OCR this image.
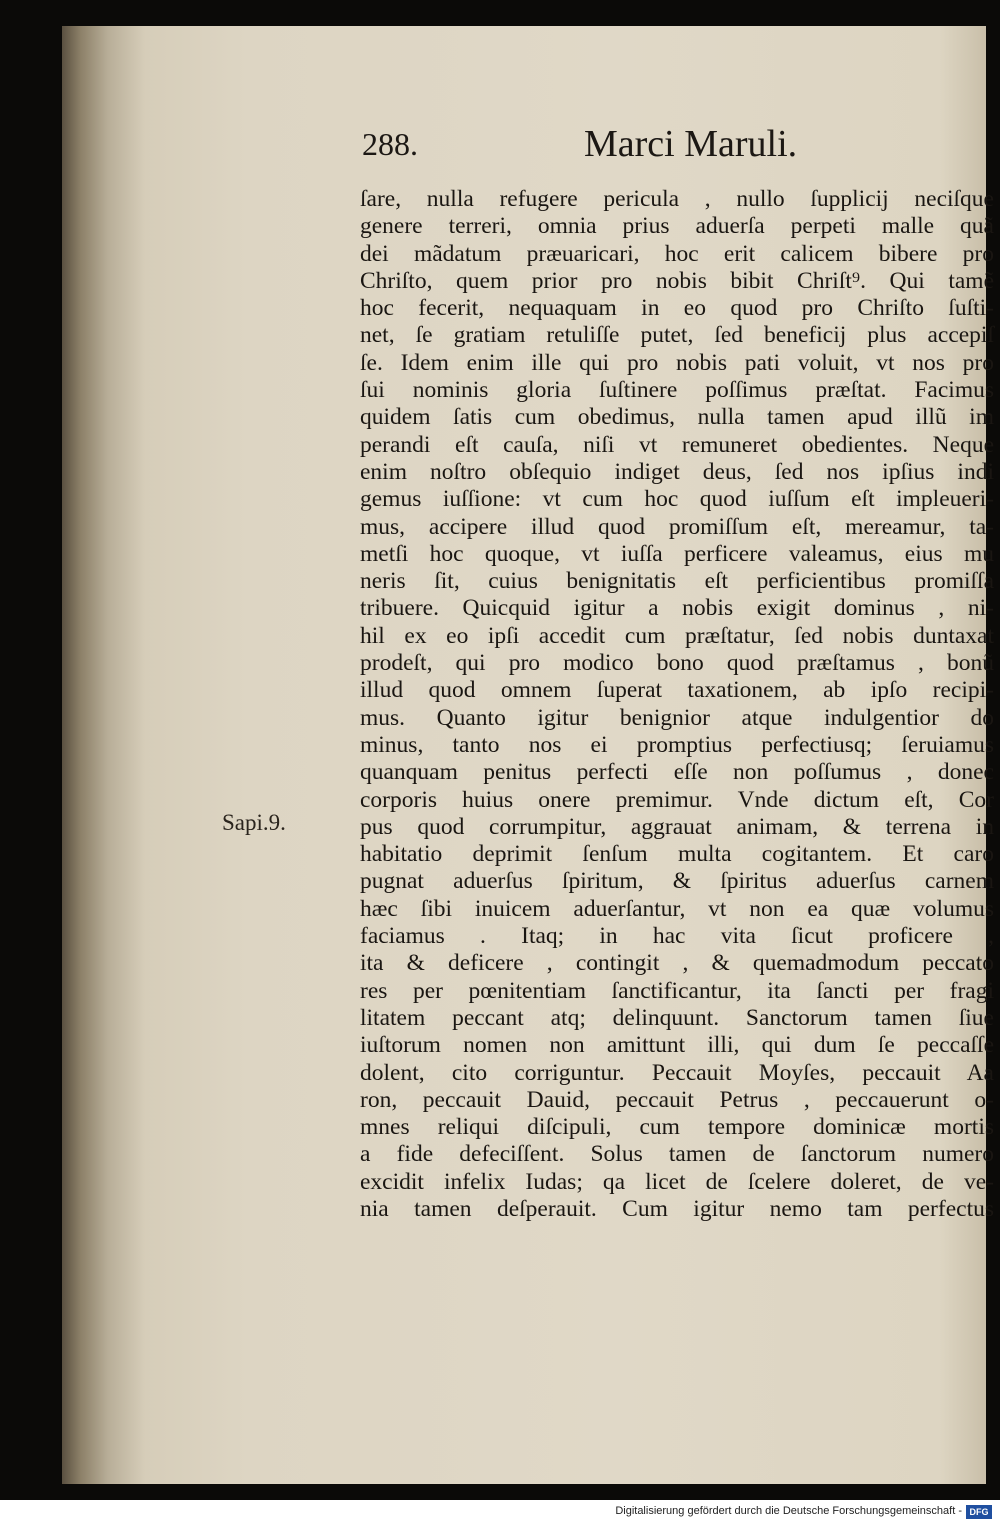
288.	Marci Maruli.
Sapi.9.
ſare, nulla refugere pericula , nullo ſupplicij neciſque
genere terreri, omnia prius aduerſa perpeti malle quã
dei mãdatum præuaricari, hoc erit calicem bibere pro
Chriſto, quem prior pro nobis bibit Chriſt⁹. Qui tamẽ
hoc fecerit, nequaquam in eo quod pro Chriſto ſuſti-
net, ſe gratiam retuliſſe putet, ſed beneficij plus accepiſ
ſe. Idem enim ille qui pro nobis pati voluit, vt nos pro
ſui nominis gloria ſuſtinere poſſimus præſtat. Facimus
quidem ſatis cum obedimus, nulla tamen apud illũ im
perandi eſt cauſa, niſi vt remuneret obedientes. Neque
enim noſtro obſequio indiget deus, ſed nos ipſius indi
gemus iuſſione: vt cum hoc quod iuſſum eſt impleueri-
mus, accipere illud quod promiſſum eſt, mereamur, ta-
metſi hoc quoque, vt iuſſa perficere valeamus, eius mu
neris ſit, cuius benignitatis eſt perficientibus promiſſa
tribuere. Quicquid igitur a nobis exigit dominus , ni-
hil ex eo ipſi accedit cum præſtatur, ſed nobis duntaxat
prodeſt, qui pro modico bono quod præſtamus , bonũ
illud quod omnem ſuperat taxationem, ab ipſo recipi-
mus. Quanto igitur benignior atque indulgentior do
minus, tanto nos ei promptius perfectiusq; ſeruiamus
quanquam penitus perfecti eſſe non poſſumus , donec
corporis huius onere premimur. Vnde dictum eſt, Cor
pus quod corrumpitur, aggrauat animam, & terrena in
habitatio deprimit ſenſum multa cogitantem. Et caro
pugnat aduerſus ſpiritum, & ſpiritus aduerſus carnem
hæc ſibi inuicem aduerſantur, vt non ea quæ volumus
faciamus . Itaq; in hac vita ſicut proficere ,
ita & deficere , contingit , & quemadmodum peccato
res per pœnitentiam ſanctificantur, ita ſancti per fragi
litatem peccant atq; delinquunt. Sanctorum tamen ſiue
iuſtorum nomen non amittunt illi, qui dum ſe peccaſſe
dolent, cito corriguntur. Peccauit Moyſes, peccauit Aa
ron, peccauit Dauid, peccauit Petrus , peccauerunt o-
mnes reliqui diſcipuli, cum tempore dominicæ mortis
a fide defeciſſent. Solus tamen de ſanctorum numero
excidit infelix Iudas; qa licet de ſcelere doleret, de ve-
nia tamen deſperauit. Cum igitur nemo tam perfectus
Digitalisierung gefördert durch die Deutsche Forschungsgemeinschaft - DFG
